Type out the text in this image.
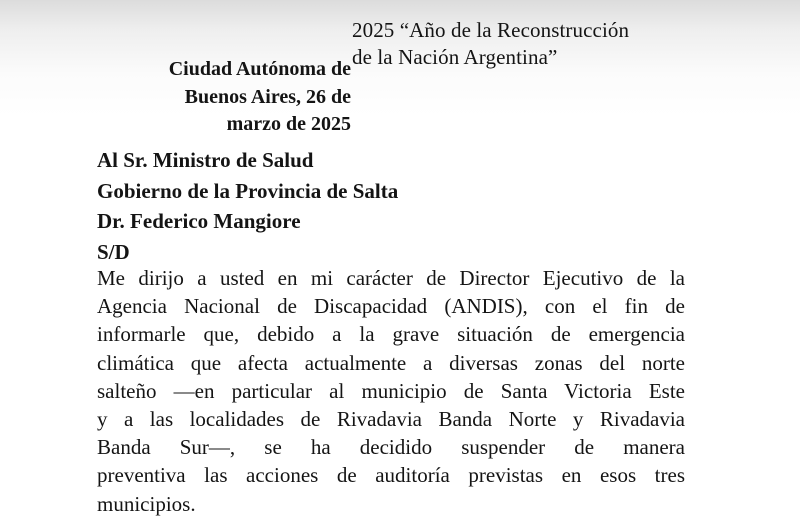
2025 “Año de la Reconstrucción
de la Nación Argentina”
Ciudad Autónoma de
Buenos Aires, 26 de
marzo de 2025
Al Sr. Ministro de Salud
Gobierno de la Provincia de Salta
Dr. Federico Mangiore
S/D
Me dirijo a usted en mi carácter de Director Ejecutivo de la
Agencia Nacional de Discapacidad (ANDIS), con el fin de
informarle que, debido a la grave situación de emergencia
climática que afecta actualmente a diversas zonas del norte
salteño —en particular al municipio de Santa Victoria Este
y a las localidades de Rivadavia Banda Norte y Rivadavia
Banda Sur—, se ha decidido suspender de manera
preventiva las acciones de auditoría previstas en esos tres
municipios.
